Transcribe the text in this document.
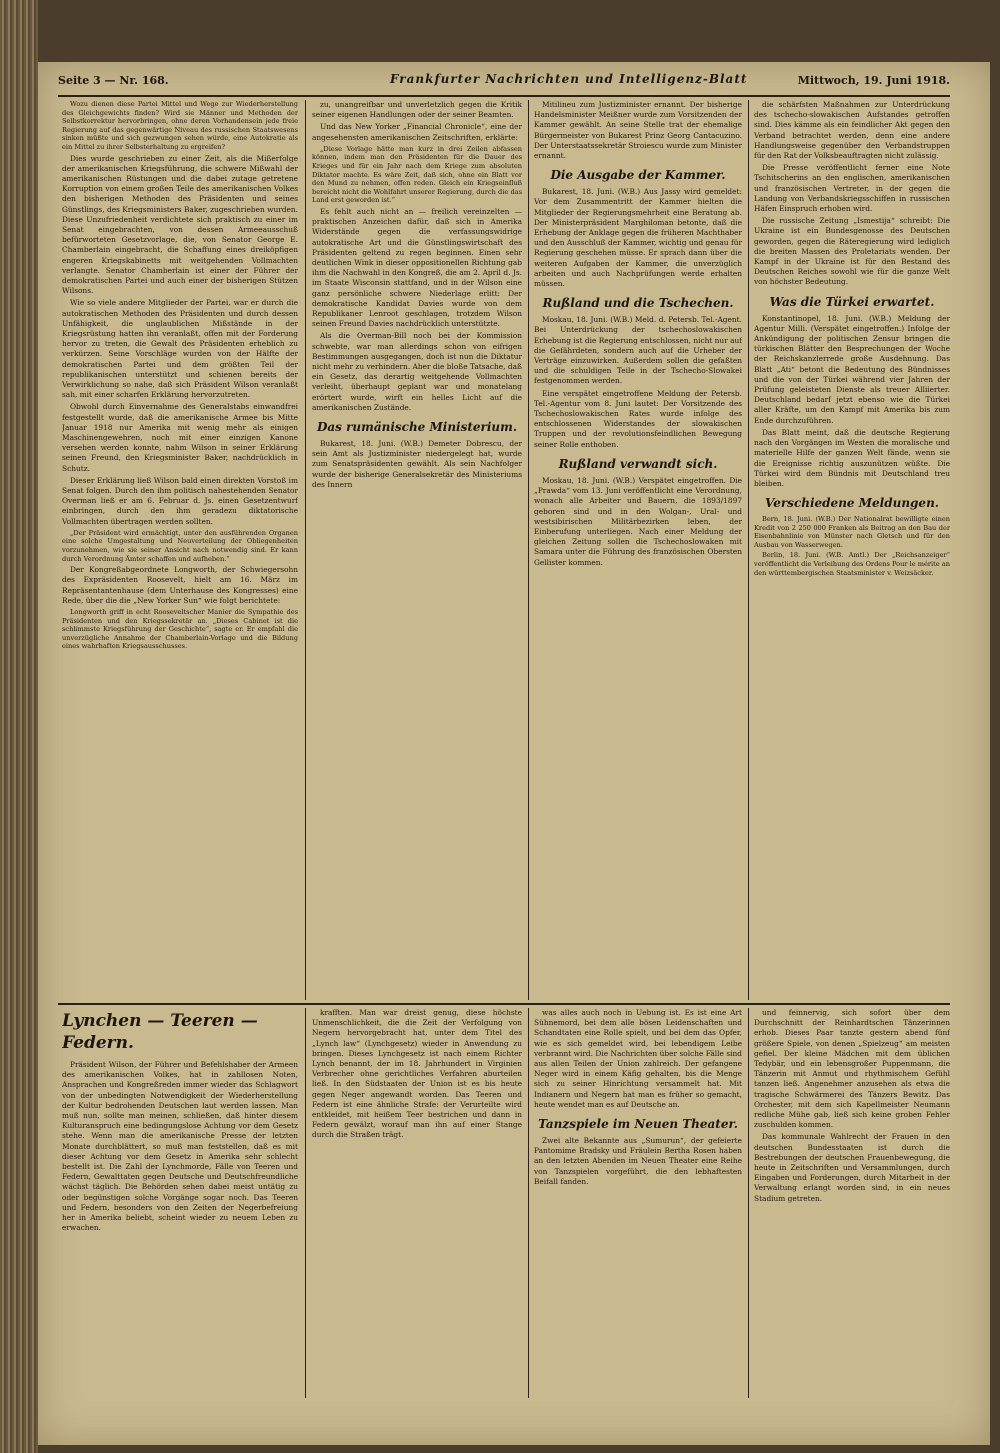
Seite 3 — Nr. 168.	Frankfurter Nachrichten und Intelligenz-Blatt	Mittwoch, 19. Juni 1918.

Wozu dienen diese Partei Mittel und Wege zur Wiederherstellung des Gleichgewichts finden? Wird sie Männer und Methoden der Selbstkorrektur hervorbringen, ohne deren Vorhandensein jede freie Regierung auf das gegenwärtige Niveau des russischen Staatswesens sinken müßte und sich gezwungen sehen würde, eine Autokratie als ein Mittel zu ihrer Selbsterhaltung zu ergreifen?

Dies wurde geschrieben zu einer Zeit, als die Mißerfolge der amerikanischen Kriegsführung, die schwere Mißwahl der amerikanischen Rüstungen und die dabei zutage getretene Korruption von einem großen Teile des amerikanischen Volkes den bisherigen Methoden des Präsidenten und seines Günstlings, des Kriegsministers Baker, zugeschrieben wurden. Diese Unzufriedenheit verdichtete sich praktisch zu einer im Senat eingebrachten, von dessen Armeeausschuß befürworteten Gesetzvorlage, die, von Senator George E. Chamberlain eingebracht, die Schaffung eines dreiköpfigen engeren Kriegskabinetts mit weitgehenden Vollmachten verlangte. Senator Chamberlain ist einer der Führer der demokratischen Partei und auch einer der bisherigen Stützen Wilsons.

Wie so viele andere Mitglieder der Partei, war er durch die autokratischen Methoden des Präsidenten und durch dessen Unfähigkeit, die unglaublichen Mißstände in der Kriegsrüstung hatten ihn veranlaßt, offen mit der Forderung hervor zu treten, die Gewalt des Präsidenten erheblich zu verkürzen. Seine Vorschläge wurden von der Hälfte der demokratischen Partei und dem größten Teil der republikanischen unterstützt und schienen bereits der Verwirklichung so nahe, daß sich Präsident Wilson veranlaßt sah, mit einer scharfen Erklärung hervorzutreten.

Obwohl durch Einvernahme des Generalstabs einwandfrei festgestellt wurde, daß die amerikanische Armee bis Mitte Januar 1918 nur Amerika mit wenig mehr als einigen Maschinengewehren, noch mit einer einzigen Kanone versehen werden konnte, nahm Wilson in seiner Erklärung seinen Freund, den Kriegsminister Baker, nachdrücklich in Schutz.

Dieser Erklärung ließ Wilson bald einen direkten Vorstoß im Senat folgen. Durch den ihm politisch nahestehenden Senator Overman ließ er am 6. Februar d. Js. einen Gesetzentwurf einbringen, durch den ihm geradezu diktatorische Vollmachten übertragen werden sollten.

„Der Präsident wird ermächtigt, unter den ausführenden Organen eine solche Umgestaltung und Neuverteilung der Obliegenheiten vorzunehmen, wie sie seiner Ansicht nach notwendig sind. Er kann durch Verordnung Ämter schaffen und aufheben.“

Der Kongreßabgeordnete Longworth, der Schwiegersohn des Expräsidenten Roosevelt, hielt am 16. März im Repräsentantenhause (dem Unterhause des Kongresses) eine Rede, über die die „New Yorker Sun“ wie folgt berichtete:

Longworth griff in echt Rooseveltscher Manier die Sympathie des Präsidenten und den Kriegssekretär an. „Dieses Cabinet ist die schlimmste Kriegsführung der Geschichte“, sagte er. Er empfahl die unverzügliche Annahme der Chamberlain-Vorlage und die Bildung eines wahrhaften Kriegsausschusses.

zu, unangreifbar und unverletzlich gegen die Kritik seiner eigenen Handlungen oder der seiner Beamten.

Und das New Yorker „Financial Chronicle“, eine der angesehensten amerikanischen Zeitschriften, erklärte:

„Diese Vorlage hätte man kurz in drei Zeilen abfassen können, indem man den Präsidenten für die Dauer des Krieges und für ein Jahr nach dem Kriege zum absoluten Diktator machte. Es wäre Zeit, daß sich, ohne ein Blatt vor den Mund zu nehmen, offen reden. Gleich ein Kriegseinfluß bereicht nicht die Wohlfahrt unserer Regierung, durch die das Land erst geworden ist.“

Es fehlt auch nicht an — freilich vereinzelten — praktischen Anzeichen dafür, daß sich in Amerika Widerstände gegen die verfassungswidrige autokratische Art und die Günstlingswirtschaft des Präsidenten geltend zu regen beginnen. Einen sehr deutlichen Wink in dieser oppositionellen Richtung gab ihm die Nachwahl in den Kongreß, die am 2. April d. Js. im Staate Wisconsin stattfand, und in der Wilson eine ganz persönliche schwere Niederlage erlitt: Der demokratische Kandidat Davies wurde von dem Republikaner Lenroot geschlagen, trotzdem Wilson seinen Freund Davies nachdrücklich unterstützte.

Als die Overman-Bill noch bei der Kommission schwebte, war man allerdings schon von eifrigen Bestimmungen ausgegangen, doch ist nun die Diktatur nicht mehr zu verhindern. Aber die bloße Tatsache, daß ein Gesetz, das derartig weitgehende Vollmachten verleiht, überhaupt geplant war und monatelang erörtert wurde, wirft ein helles Licht auf die amerikanischen Zustände.

Das rumänische Ministerium.

Bukarest, 18. Juni. (W.B.) Demeter Dobrescu, der sein Amt als Justizminister niedergelegt hat, wurde zum Senatspräsidenten gewählt. Als sein Nachfolger wurde der bisherige Generalsekretär des Ministeriums des Innern

Mitilineu zum Justizminister ernannt. Der bisherige Handelsminister Meißner wurde zum Vorsitzenden der Kammer gewählt. An seine Stelle trat der ehemalige Bürgermeister von Bukarest Prinz Georg Cantacuzino. Der Unterstaatssekretär Stroiescu wurde zum Minister ernannt.

Die Ausgabe der Kammer.

Bukarest, 18. Juni. (W.B.) Aus Jassy wird gemeldet: Vor dem Zusammentritt der Kammer hielten die Mitglieder der Regierungsmehrheit eine Beratung ab. Der Ministerpräsident Marghiloman betonte, daß die Erhebung der Anklage gegen die früheren Machthaber und den Ausschluß der Kammer, wichtig und genau für Regierung geschehen müsse. Er sprach dann über die weiteren Aufgaben der Kammer, die unverzüglich arbeiten und auch Nachprüfungen werde erhalten müssen.

Rußland und die Tschechen.

Moskau, 18. Juni. (W.B.) Meld. d. Petersb. Tel.-Agent. Bei Unterdrückung der tschechoslowakischen Erhebung ist die Regierung entschlossen, nicht nur auf die Gefährdeten, sondern auch auf die Urheber der Verträge einzuwirken. Außerdem sollen die gefaßten und die schuldigen Teile in der Tschecho-Slowakei festgenommen werden.

Eine verspätet eingetroffene Meldung der Petersb. Tel.-Agentur vom 8. Juni lautet: Der Vorsitzende des Tschechoslowakischen Rates wurde infolge des entschlossenen Widerstandes der slowakischen Truppen und der revolutionsfeindlichen Bewegung seiner Rolle enthoben.

Rußland verwandt sich.

Moskau, 18. Juni. (W.B.) Verspätet eingetroffen. Die „Prawda“ vom 13. Juni veröffentlicht eine Verordnung, wonach alle Arbeiter und Bauern, die 1893/1897 geboren sind und in den Wolgan-, Ural- und westsibirischen Militärbezirken leben, der Einberufung unterliegen. Nach einer Meldung der gleichen Zeitung sollen die Tschechoslowaken mit Samara unter die Führung des französischen Obersten Gellister kommen.

die schärfsten Maßnahmen zur Unterdrückung des tschecho-slowakischen Aufstandes getroffen sind. Dies kämme als ein feindlicher Akt gegen den Verband betrachtet werden, denn eine andere Handlungsweise gegenüber den Verbandstruppen für den Rat der Volksbeauftragten nicht zulässig.

Die Presse veröffentlicht ferner eine Note Tschitscherins an den englischen, amerikanischen und französischen Vertreter, in der gegen die Landung von Verbandskriegsschiffen in russischen Häfen Einspruch erhoben wird.

Die russische Zeitung „Ismestija“ schreibt: Die Ukraine ist ein Bundesgenosse des Deutschen geworden, gegen die Räteregierung wird lediglich die breiten Massen des Proletariats wenden. Der Kampf in der Ukraine ist für den Bestand des Deutschen Reiches sowohl wie für die ganze Welt von höchster Bedeutung.

Was die Türkei erwartet.

Konstantinopel, 18. Juni. (W.B.) Meldung der Agentur Milli. (Verspätet eingetroffen.) Infolge der Ankündigung der politischen Zensur bringen die türkischen Blätter den Besprechungen der Woche der Reichskanzlerrede große Ausdehnung. Das Blatt „Ati“ betont die Bedeutung des Bündnisses und die von der Türkei während vier Jahren der Prüfung geleisteten Dienste als treuer Alliierter. Deutschland bedarf jetzt ebenso wie die Türkei aller Kräfte, um den Kampf mit Amerika bis zum Ende durchzuführen.

Das Blatt meint, daß die deutsche Regierung nach den Vorgängen im Westen die moralische und materielle Hilfe der ganzen Welt fände, wenn sie die Ereignisse richtig auszunützen wüßte. Die Türkei wird dem Bündnis mit Deutschland treu bleiben.

Verschiedene Meldungen.

Bern, 18. Juni. (W.B.) Der Nationalrat bewilligte einen Kredit von 2 250 000 Franken als Beitrag an den Bau der Eisenbahnlinie von Münster nach Gletsch und für den Ausbau von Wasserwegen.

Berlin, 18. Juni. (W.B. Amtl.) Der „Reichsanzeiger“ veröffentlicht die Verleihung des Ordens Pour le mérite an den württembergischen Staatsminister v. Weizsäcker.

Lynchen — Teeren — Federn.

Präsident Wilson, der Führer und Befehlshaber der Armeen des amerikanischen Volkes, hat in zahllosen Noten, Ansprachen und Kongreßreden immer wieder das Schlagwort von der unbedingten Notwendigkeit der Wiederherstellung der Kultur bedrohenden Deutschen laut werden lassen. Man muß nun, sollte man meinen, schließen, daß hinter diesem Kulturanspruch eine bedingungslose Achtung vor dem Gesetz stehe. Wenn man die amerikanische Presse der letzten Monate durchblättert, so muß man feststellen, daß es mit dieser Achtung vor dem Gesetz in Amerika sehr schlecht bestellt ist. Die Zahl der Lynchmorde, Fälle von Teeren und Federn, Gewalttaten gegen Deutsche und Deutschfreundliche wächst täglich. Die Behörden sehen dabei meist untätig zu oder begünstigen solche Vorgänge sogar noch. Das Teeren und Federn, besonders von den Zeiten der Negerbefreiung her in Amerika beliebt, scheint wieder zu neuem Leben zu erwachen.

krafften. Man war dreist genug, diese höchste Unmenschlichkeit, die die Zeit der Verfolgung von Negern hervorgebracht hat, unter dem Titel des „Lynch law“ (Lynchgesetz) wieder in Anwendung zu bringen. Dieses Lynchgesetz ist nach einem Richter Lynch benannt, der im 18. Jahrhundert in Virginien Verbrecher ohne gerichtliches Verfahren aburteilen ließ. In den Südstaaten der Union ist es bis heute gegen Neger angewandt worden. Das Teeren und Federn ist eine ähnliche Strafe: der Verurteilte wird entkleidet, mit heißem Teer bestrichen und dann in Federn gewälzt, worauf man ihn auf einer Stange durch die Straßen trägt.

was alles auch noch in Uebung ist. Es ist eine Art Sühnemord, bei dem alle bösen Leidenschaften und Schandtaten eine Rolle spielt, und bei dem das Opfer, wie es sich gemeldet wird, bei lebendigem Leibe verbrannt wird. Die Nachrichten über solche Fälle sind aus allen Teilen der Union zahlreich. Der gefangene Neger wird in einem Käfig gehalten, bis die Menge sich zu seiner Hinrichtung versammelt hat. Mit Indianern und Negern hat man es früher so gemacht, heute wendet man es auf Deutsche an.

Tanzspiele im Neuen Theater.

Zwei alte Bekannte aus „Sumurun“, der gefeierte Pantomime Bradsky und Fräulein Bertha Rosen haben an den letzten Abenden im Neuen Theater eine Reihe von Tanzspielen vorgeführt, die den lebhaftesten Beifall fanden.

und feinnervig, sich sofort über dem Durchschnitt der Reinhardtschen Tänzerinnen erhob. Dieses Paar tanzte gestern abend fünf größere Spiele, von denen „Spielzeug“ am meisten gefiel. Der kleine Mädchen mit dem üblichen Tedybär, und ein lebensgroßer Puppenmann, die Tänzerin mit Anmut und rhythmischem Gefühl tanzen ließ. Angenehmer anzusehen als etwa die tragische Schwärmerei des Tänzers Bewitz. Das Orchester, mit dem sich Kapellmeister Neumann redliche Mühe gab, ließ sich keine groben Fehler zuschulden kommen.

Das kommunale Wahlrecht der Frauen in den deutschen Bundesstaaten ist durch die Bestrebungen der deutschen Frauenbewegung, die heute in Zeitschriften und Versammlungen, durch Eingaben und Forderungen, durch Mitarbeit in der Verwaltung erlangt worden sind, in ein neues Stadium getreten.
